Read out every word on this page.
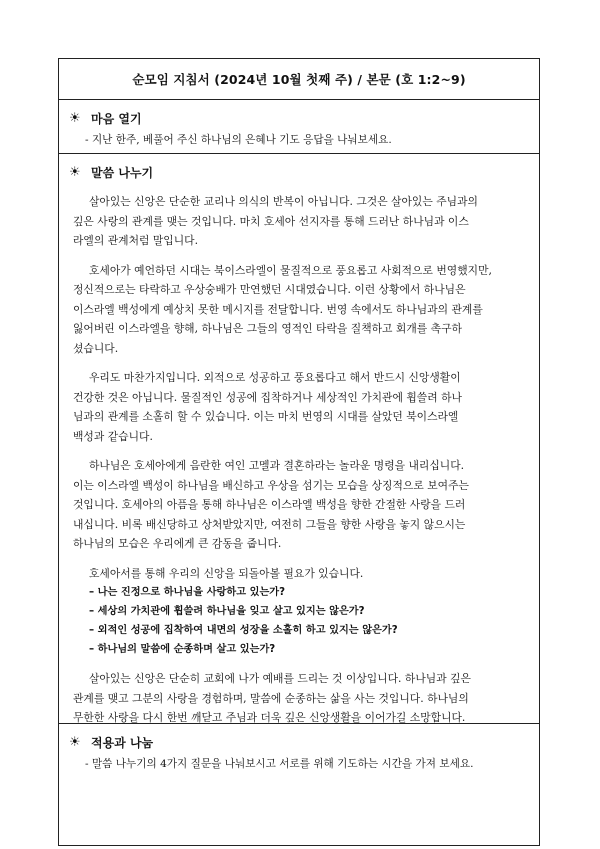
순모임 지침서 (2024년 10월 첫째 주) / 본문 (호 1:2~9)
☀ 마음 열기
- 지난 한주, 베풀어 주신 하나님의 은혜나 기도 응답을 나눠보세요.
☀ 말씀 나누기

살아있는 신앙은 단순한 교리나 의식의 반복이 아닙니다. 그것은 살아있는 주님과의
깊은 사랑의 관계를 맺는 것입니다. 마치 호세아 선지자를 통해 드러난 하나님과 이스
라엘의 관계처럼 말입니다.

호세아가 예언하던 시대는 북이스라엘이 물질적으로 풍요롭고 사회적으로 번영했지만,
정신적으로는 타락하고 우상숭배가 만연했던 시대였습니다. 이런 상황에서 하나님은
이스라엘 백성에게 예상치 못한 메시지를 전달합니다. 번영 속에서도 하나님과의 관계를
잃어버린 이스라엘을 향해, 하나님은 그들의 영적인 타락을 질책하고 회개를 촉구하
셨습니다.

우리도 마찬가지입니다. 외적으로 성공하고 풍요롭다고 해서 반드시 신앙생활이
건강한 것은 아닙니다. 물질적인 성공에 집착하거나 세상적인 가치관에 휩쓸려 하나
님과의 관계를 소홀히 할 수 있습니다. 이는 마치 번영의 시대를 살았던 북이스라엘
백성과 같습니다.

하나님은 호세아에게 음란한 여인 고멜과 결혼하라는 놀라운 명령을 내리십니다.
이는 이스라엘 백성이 하나님을 배신하고 우상을 섬기는 모습을 상징적으로 보여주는
것입니다. 호세아의 아픔을 통해 하나님은 이스라엘 백성을 향한 간절한 사랑을 드러
내십니다. 비록 배신당하고 상처받았지만, 여전히 그들을 향한 사랑을 놓지 않으시는
하나님의 모습은 우리에게 큰 감동을 줍니다.

호세아서를 통해 우리의 신앙을 되돌아볼 필요가 있습니다.
– 나는 진정으로 하나님을 사랑하고 있는가?
– 세상의 가치관에 휩쓸려 하나님을 잊고 살고 있지는 않은가?
– 외적인 성공에 집착하여 내면의 성장을 소홀히 하고 있지는 않은가?
– 하나님의 말씀에 순종하며 살고 있는가?

살아있는 신앙은 단순히 교회에 나가 예배를 드리는 것 이상입니다. 하나님과 깊은
관계를 맺고 그분의 사랑을 경험하며, 말씀에 순종하는 삶을 사는 것입니다. 하나님의
무한한 사랑을 다시 한번 깨닫고 주님과 더욱 깊은 신앙생활을 이어가길 소망합니다.

☀ 적용과 나눔
- 말씀 나누기의 4가지 질문을 나눠보시고 서로를 위해 기도하는 시간을 가져 보세요.
